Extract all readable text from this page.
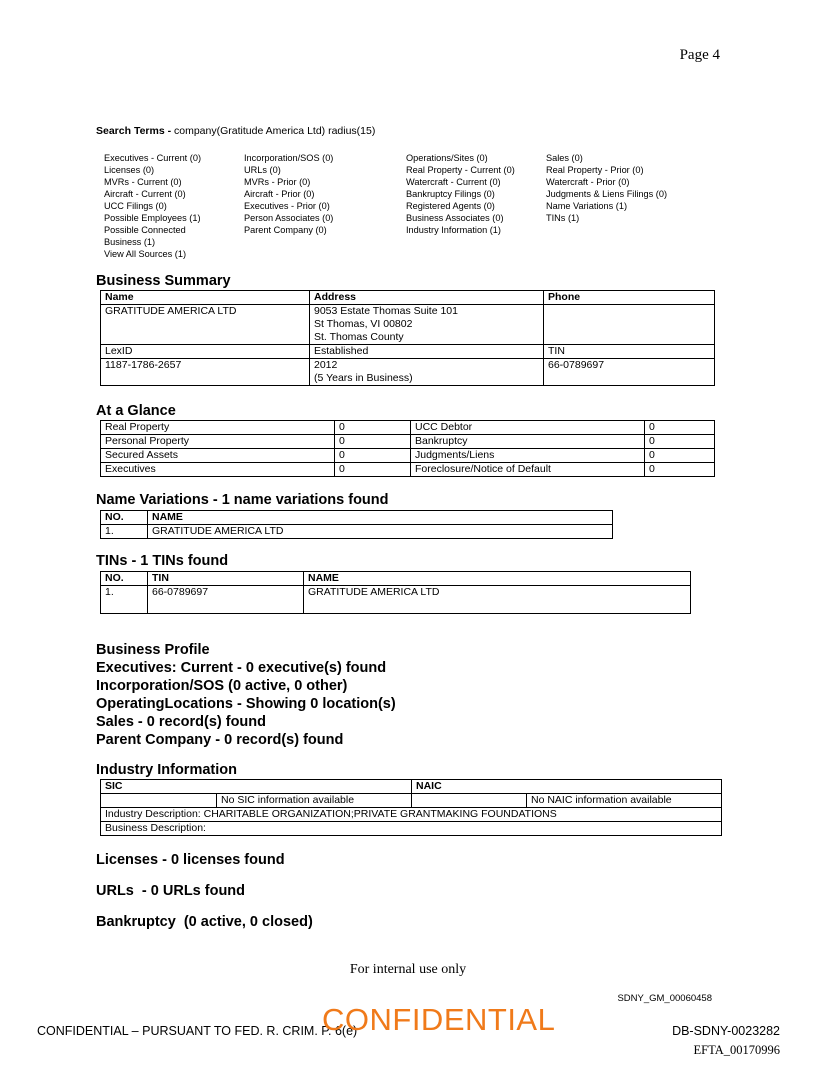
Page 4
Search Terms - company(Gratitude America Ltd) radius(15)
Executives - Current (0)
Licenses (0)
MVRs - Current (0)
Aircraft - Current (0)
UCC Filings (0)
Possible Employees (1)
Possible Connected
Business (1)
View All Sources (1)
Incorporation/SOS (0)
URLs (0)
MVRs - Prior (0)
Aircraft - Prior (0)
Executives - Prior (0)
Person Associates (0)
Parent Company (0)
Operations/Sites (0)
Real Property - Current (0)
Watercraft - Current (0)
Bankruptcy Filings (0)
Registered Agents (0)
Business Associates (0)
Industry Information (1)
Sales (0)
Real Property - Prior (0)
Watercraft - Prior (0)
Judgments & Liens Filings (0)
Name Variations (1)
TINs (1)
Business Summary
Name	Address	Phone
GRATITUDE AMERICA LTD	9053 Estate Thomas Suite 101
St Thomas, VI 00802
St. Thomas County	

LexID	Established	TIN
1187-1786-2657	2012
(5 Years in Business)	66-0789697
At a Glance
Real Property	0	UCC Debtor	0
Personal Property	0	Bankruptcy	0
Secured Assets	0	Judgments/Liens	0
Executives	0	Foreclosure/Notice of Default	0
Name Variations - 1 name variations found
NO.	NAME
1.	GRATITUDE AMERICA LTD
TINs - 1 TINs found
NO.	TIN	NAME
1.	66-0789697	GRATITUDE AMERICA LTD
Business Profile
Executives: Current - 0 executive(s) found
Incorporation/SOS (0 active, 0 other)
OperatingLocations - Showing 0 location(s)
Sales - 0 record(s) found
Parent Company - 0 record(s) found
Industry Information
SIC		NAIC	
	No SIC information available		No NAIC information available
Industry Description: CHARITABLE ORGANIZATION;PRIVATE GRANTMAKING FOUNDATIONS			
Business Description:			
Licenses - 0 licenses found
URLs  - 0 URLs found
Bankruptcy  (0 active, 0 closed)
For internal use only
SDNY_GM_00060458
CONFIDENTIAL – PURSUANT TO FED. R. CRIM. P. 6(e)
CONFIDENTIAL	DB-SDNY-0023282
EFTA_00170996
